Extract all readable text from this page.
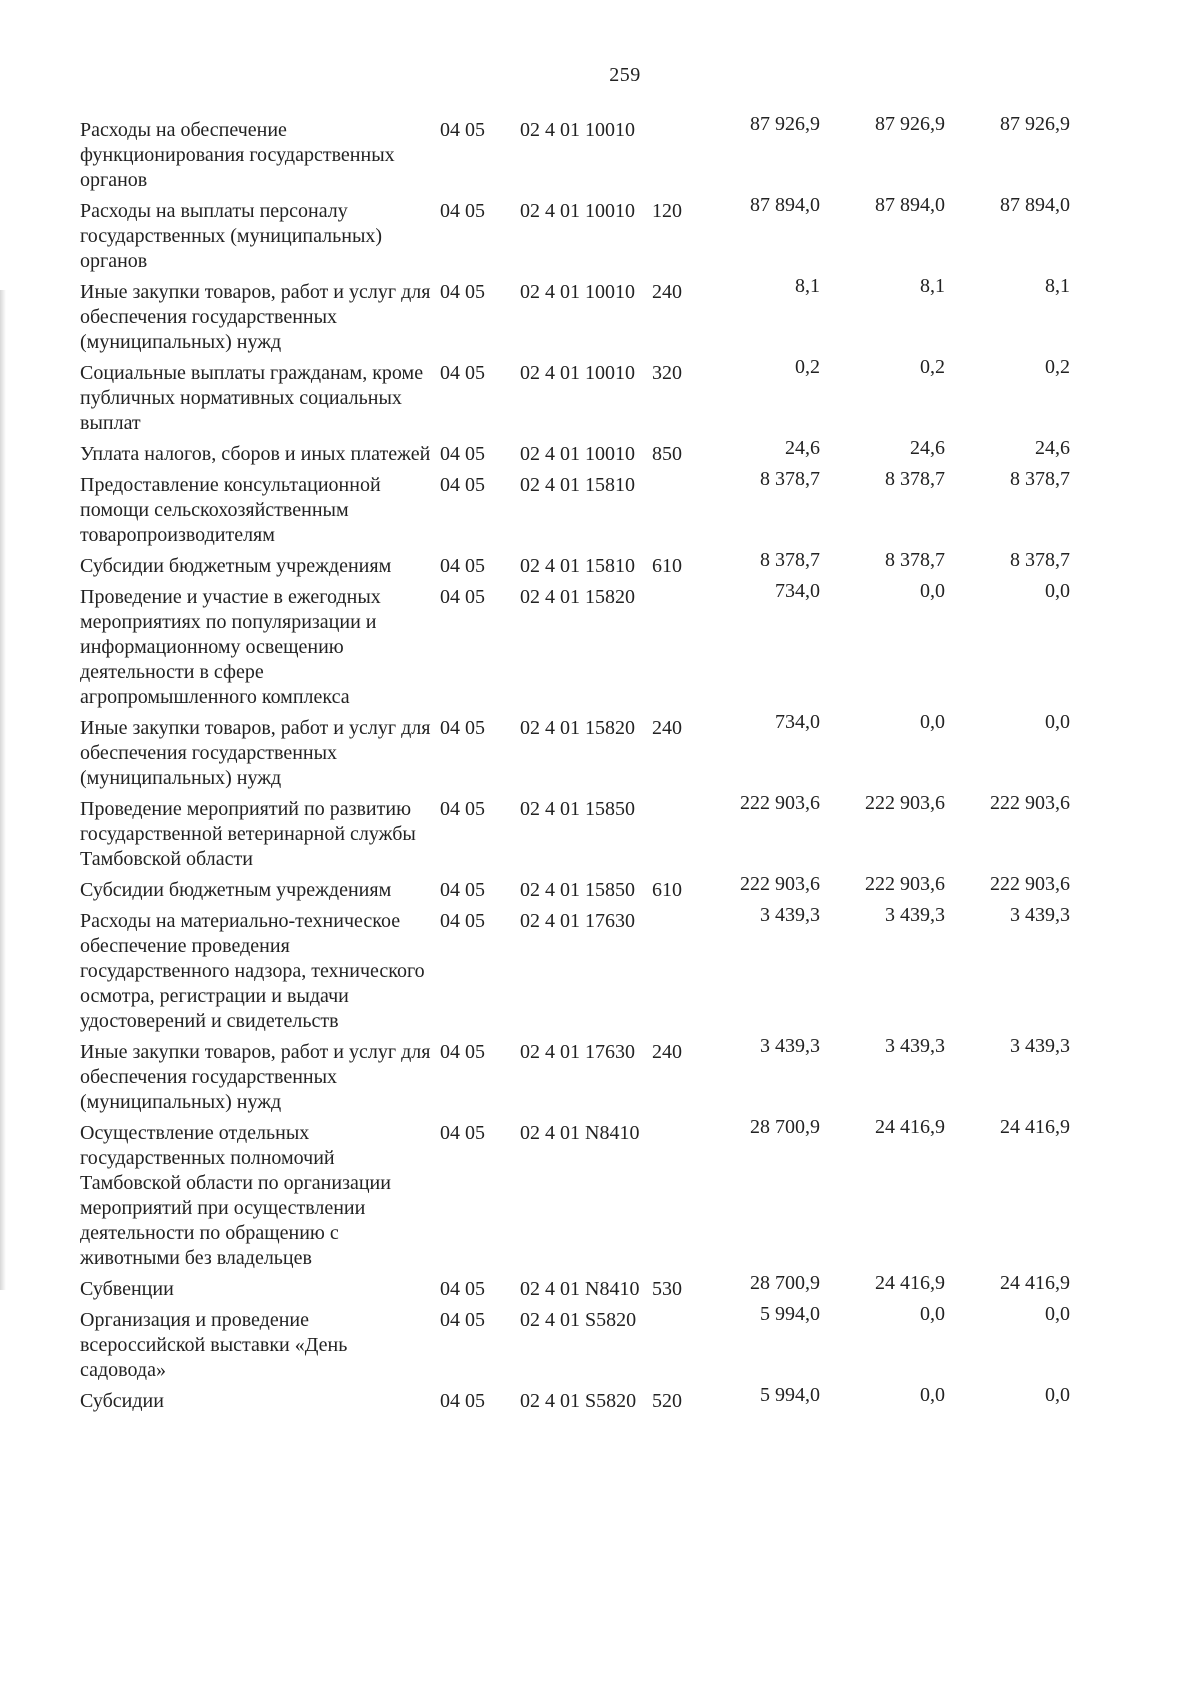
259
Расходы на обеспечение функционирования государственных органов
04 05	02 4 01 10010	87 926,9	87 926,9	87 926,9
Расходы на выплаты персоналу государственных (муниципальных) органов
04 05	02 4 01 10010 120	87 894,0	87 894,0	87 894,0
Иные закупки товаров, работ и услуг для обеспечения государственных (муниципальных) нужд
04 05	02 4 01 10010 240	8,1	8,1	8,1
Социальные выплаты гражданам, кроме публичных нормативных социальных выплат
04 05	02 4 01 10010 320	0,2	0,2	0,2
Уплата налогов, сборов и иных платежей 04 05	02 4 01 10010 850	24,6	24,6	24,6
Предоставление консультационной помощи сельскохозяйственным товаропроизводителям
04 05	02 4 01 15810	8 378,7	8 378,7	8 378,7
Субсидии бюджетным учреждениям	04 05	02 4 01 15810 610	8 378,7	8 378,7	8 378,7
Проведение и участие в ежегодных мероприятиях по популяризации и информационному освещению деятельности в сфере агропромышленного комплекса
04 05	02 4 01 15820	734,0	0,0	0,0
Иные закупки товаров, работ и услуг для обеспечения государственных (муниципальных) нужд
04 05	02 4 01 15820 240	734,0	0,0	0,0
Проведение мероприятий по развитию государственной ветеринарной службы Тамбовской области
04 05	02 4 01 15850	222 903,6	222 903,6	222 903,6
Субсидии бюджетным учреждениям	04 05	02 4 01 15850 610	222 903,6	222 903,6	222 903,6
Расходы на материально-техническое обеспечение проведения государственного надзора, технического осмотра, регистрации и выдачи удостоверений и свидетельств
04 05	02 4 01 17630	3 439,3	3 439,3	3 439,3
Иные закупки товаров, работ и услуг для обеспечения государственных (муниципальных) нужд
04 05	02 4 01 17630 240	3 439,3	3 439,3	3 439,3
Осуществление отдельных государственных полномочий Тамбовской области по организации мероприятий при осуществлении деятельности по обращению с животными без владельцев
04 05	02 4 01 N8410	28 700,9	24 416,9	24 416,9
Субвенции	04 05	02 4 01 N8410 530	28 700,9	24 416,9	24 416,9
Организация и проведение всероссийской выставки «День садовода»
04 05	02 4 01 S5820	5 994,0	0,0	0,0
Субсидии	04 05	02 4 01 S5820 520	5 994,0	0,0	0,0
